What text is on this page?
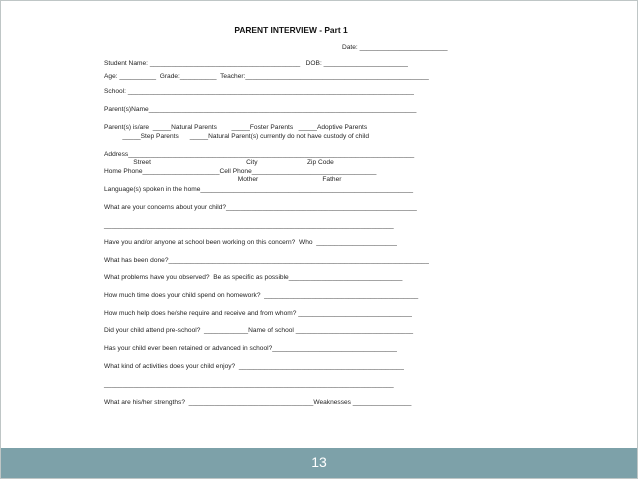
PARENT INTERVIEW - Part 1
Date: ________________________
Student Name: _________________________________________   DOB: _______________________
Age: __________  Grade:__________  Teacher:__________________________________________________
School: ______________________________________________________________________________
Parent(s)Name_________________________________________________________________________
Parent(s) is/are  _____Natural Parents        _____Foster Parents   _____Adoptive Parents
_____Step Parents      _____Natural Parent(s) currently do not have custody of child
Address______________________________________________________________________________
Street                                                    City                           Zip Code
Home Phone_____________________Cell Phone__________________________________
Mother                                   Father
Language(s) spoken in the home__________________________________________________________
What are your concerns about your child?____________________________________________________
_______________________________________________________________________________
Have you and/or anyone at school been working on this concern?  Who  ______________________
What has been done?_______________________________________________________________________
What problems have you observed?  Be as specific as possible_______________________________
How much time does your child spend on homework?  __________________________________________
How much help does he/she require and receive and from whom? _______________________________
Did your child attend pre-school?  ____________Name of school ________________________________
Has your child ever been retained or advanced in school?__________________________________
What kind of activities does your child enjoy?  _____________________________________________
_______________________________________________________________________________
What are his/her strengths?  __________________________________Weaknesses ________________
13
